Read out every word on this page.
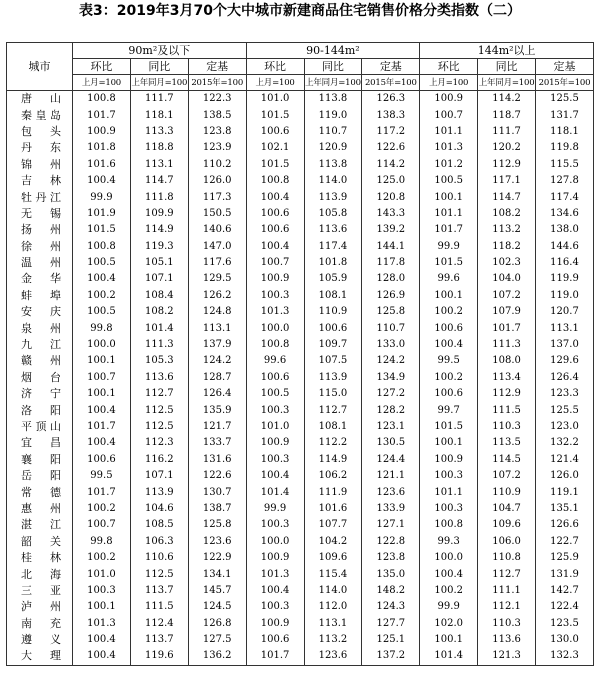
表3：2019年3月70个大中城市新建商品住宅销售价格分类指数（二）
城市	90m²及以下			90-144m²			144m²以上		
	环比	同比	定基	环比	同比	定基	环比	同比	定基
	上月=100	上年同月=100	2015年=100	上月=100	上年同月=100	2015年=100	上月=100	上年同月=100	2015年=100
唐山	100.8	111.7	122.3	101.0	113.8	126.3	100.9	114.2	125.5
秦皇岛	101.7	118.1	138.5	101.5	119.0	138.3	100.7	118.7	131.7
包头	100.9	113.3	123.8	100.6	110.7	117.2	101.1	111.7	118.1
丹东	101.8	118.8	123.9	102.1	120.9	122.6	101.3	120.2	119.8
锦州	101.6	113.1	110.2	101.5	113.8	114.2	101.2	112.9	115.5
吉林	100.4	114.7	126.0	100.8	114.0	125.0	100.5	117.1	127.8
牡丹江	99.9	111.8	117.3	100.4	113.9	120.8	100.1	114.7	117.4
无锡	101.9	109.9	150.5	100.6	105.8	143.3	101.1	108.2	134.6
扬州	101.5	114.9	140.6	100.6	113.6	139.2	101.7	113.2	138.0
徐州	100.8	119.3	147.0	100.4	117.4	144.1	99.9	118.2	144.6
温州	100.5	105.1	117.6	100.7	101.8	117.8	101.5	102.3	116.4
金华	100.4	107.1	129.5	100.9	105.9	128.0	99.6	104.0	119.9
蚌埠	100.2	108.4	126.2	100.3	108.1	126.9	100.1	107.2	119.0
安庆	100.5	108.2	124.8	101.3	110.9	125.8	100.2	107.9	120.7
泉州	99.8	101.4	113.1	100.0	100.6	110.7	100.6	101.7	113.1
九江	100.0	111.3	137.9	100.8	109.7	133.0	100.4	111.3	137.0
赣州	100.1	105.3	124.2	99.6	107.5	124.2	99.5	108.0	129.6
烟台	100.7	113.6	128.7	100.6	113.9	134.9	100.2	113.4	126.4
济宁	100.1	112.7	126.4	100.5	115.0	127.2	100.6	112.9	123.3
洛阳	100.4	112.5	135.9	100.3	112.7	128.2	99.7	111.5	125.5
平顶山	101.7	112.5	121.7	101.0	108.1	123.1	101.5	110.3	123.0
宜昌	100.4	112.3	133.7	100.9	112.2	130.5	100.1	113.5	132.2
襄阳	100.6	116.2	131.6	100.3	114.9	124.4	100.9	114.5	121.4
岳阳	99.5	107.1	122.6	100.4	106.2	121.1	100.3	107.2	126.0
常德	101.7	113.9	130.7	101.4	111.9	123.6	101.1	110.9	119.1
惠州	100.2	104.6	138.7	99.9	101.6	133.9	100.3	104.7	135.1
湛江	100.7	108.5	125.8	100.3	107.7	127.1	100.8	109.6	126.6
韶关	99.8	106.3	123.6	100.0	104.2	122.8	99.3	106.0	122.7
桂林	100.2	110.6	122.9	100.9	109.6	123.8	100.0	110.8	125.9
北海	101.0	112.5	134.1	101.3	115.4	135.0	100.4	112.7	131.9
三亚	100.3	113.7	145.7	100.4	114.0	148.2	100.2	111.1	142.7
泸州	100.1	111.5	124.5	100.3	112.0	124.3	99.9	112.1	122.4
南充	101.3	112.4	126.8	100.9	113.1	127.7	102.0	110.3	123.5
遵义	100.4	113.7	127.5	100.6	113.2	125.1	100.1	113.6	130.0
大理	100.4	119.6	136.2	101.7	123.6	137.2	101.4	121.3	132.3
